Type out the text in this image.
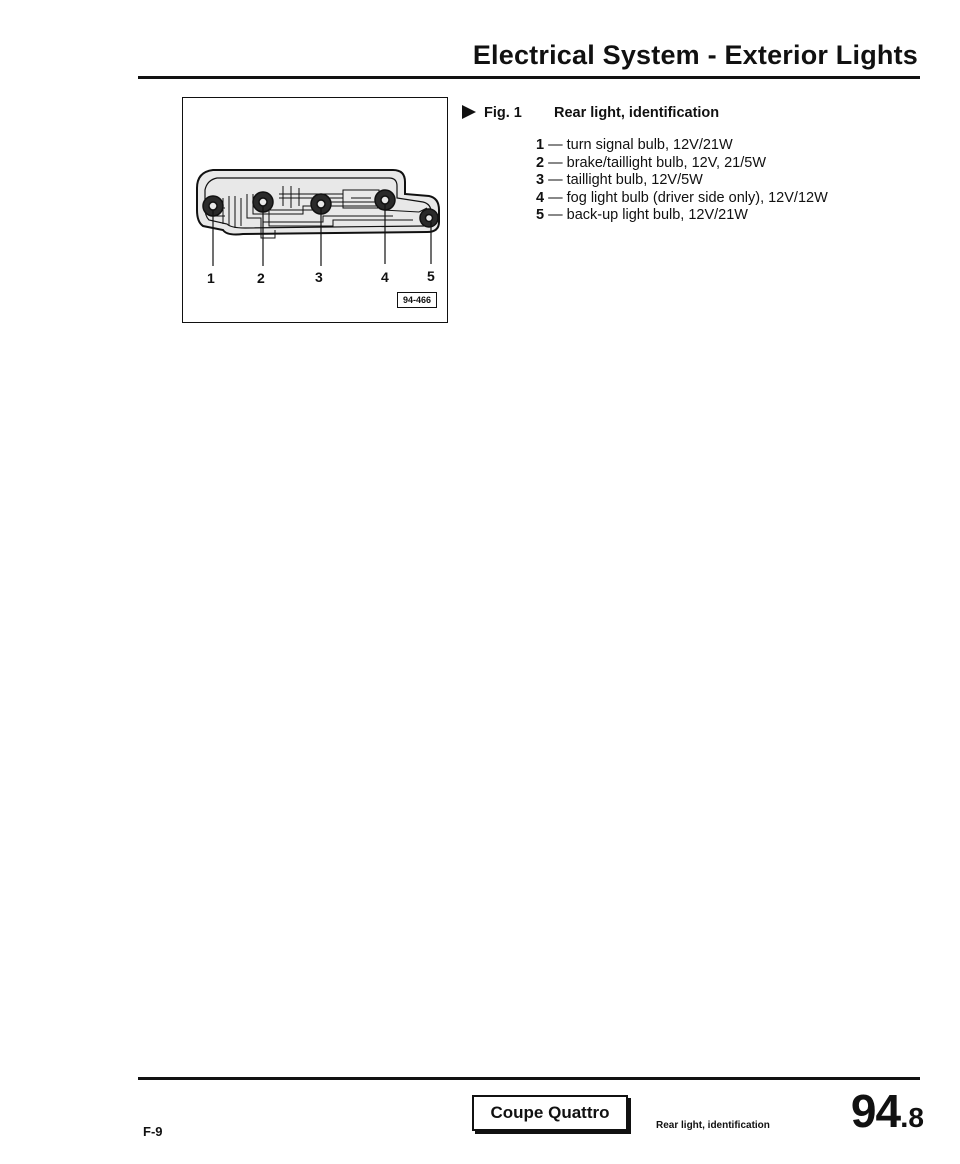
Electrical System - Exterior Lights
1	2	3	4	5
94-466
Fig. 1 Rear light, identification
1 — turn signal bulb, 12V/21W
2 — brake/taillight bulb, 12V, 21/5W
3 — taillight bulb, 12V/5W
4 — fog light bulb (driver side only), 12V/12W
5 — back-up light bulb, 12V/21W
F-9
Coupe Quattro
Rear light, identification 94.8
